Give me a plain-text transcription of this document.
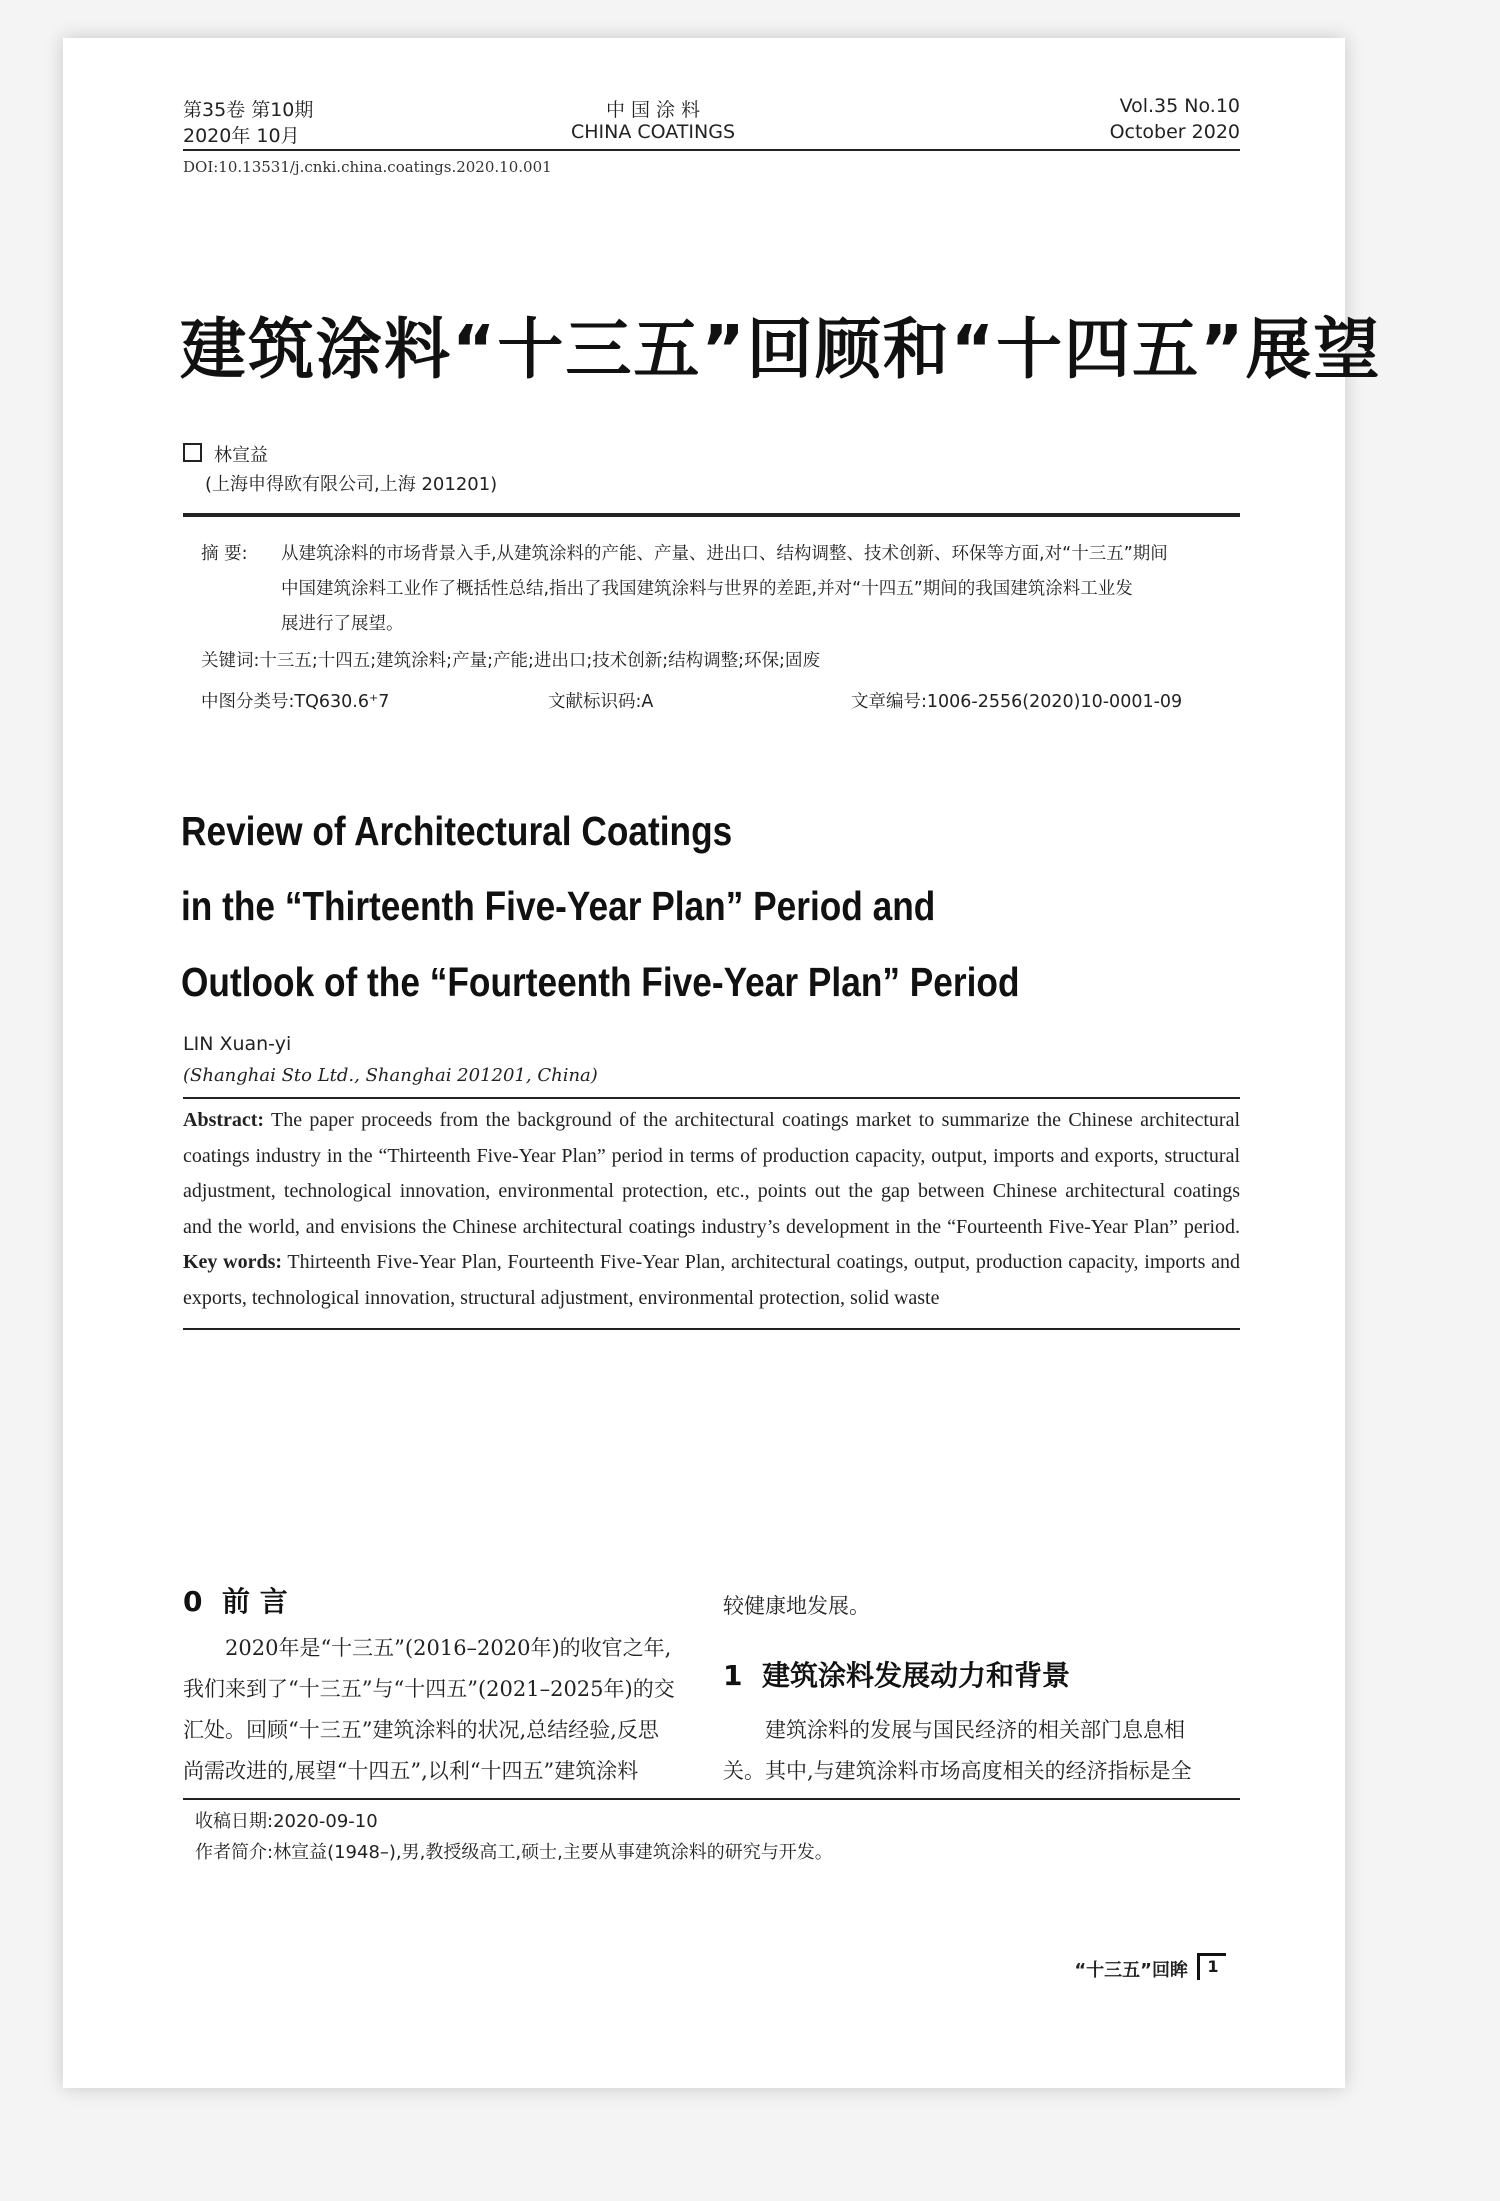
第35卷 第10期
2020年 10月
中 国 涂 料
CHINA COATINGS
Vol.35 No.10
October 2020
DOI:10.13531/j.cnki.china.coatings.2020.10.001
建筑涂料“十三五”回顾和“十四五”展望
林宣益
(上海申得欧有限公司,上海 201201)
摘 要: 从建筑涂料的市场背景入手,从建筑涂料的产能、产量、进出口、结构调整、技术创新、环保等方面,对“十三五”期间
中国建筑涂料工业作了概括性总结,指出了我国建筑涂料与世界的差距,并对“十四五”期间的我国建筑涂料工业发
展进行了展望。
关键词:十三五;十四五;建筑涂料;产量;产能;进出口;技术创新;结构调整;环保;固废
中图分类号:TQ630.6⁺7	文献标识码:A	文章编号:1006-2556(2020)10-0001-09
Review of Architectural Coatings
in the “Thirteenth Five-Year Plan” Period and
Outlook of the “Fourteenth Five-Year Plan” Period
LIN Xuan-yi
(Shanghai Sto Ltd., Shanghai 201201, China)
Abstract: The paper proceeds from the background of the architectural coatings market to summarize the Chinese architectural
coatings industry in the “Thirteenth Five-Year Plan” period in terms of production capacity, output, imports and exports, structural
adjustment, technological innovation, environmental protection, etc., points out the gap between Chinese architectural coatings
and the world, and envisions the Chinese architectural coatings industry’s development in the “Fourteenth Five-Year Plan” period.
Key words: Thirteenth Five-Year Plan, Fourteenth Five-Year Plan, architectural coatings, output, production capacity, imports and
exports, technological innovation, structural adjustment, environmental protection, solid waste
0 前 言
2020年是“十三五”(2016–2020年)的收官之年,
我们来到了“十三五”与“十四五”(2021–2025年)的交
汇处。回顾“十三五”建筑涂料的状况,总结经验,反思
尚需改进的,展望“十四五”,以利“十四五”建筑涂料
较健康地发展。
1 建筑涂料发展动力和背景
建筑涂料的发展与国民经济的相关部门息息相
关。其中,与建筑涂料市场高度相关的经济指标是全
收稿日期:2020-09-10
作者简介:林宣益(1948–),男,教授级高工,硕士,主要从事建筑涂料的研究与开发。
“十三五”回眸	1
